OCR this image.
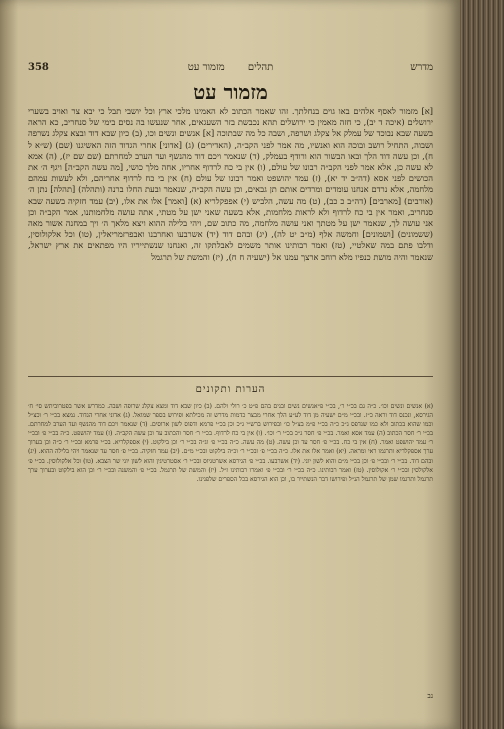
358	תהלים מזמור עט	מדרש
מזמור עט

[א] מזמור לאסף אלהים באו גוים בנחלתך. זהו שאמר הכתוב לא האמינו מלכי ארץ וכל יושבי תבל כי יבא צר ואויב בשערי ירושלים (איכה ד יב), כי חזה מאמין כי ירושלים תהא נכבשת בזר השעגאים, אחר שנעשו בה נסים בימי של סנחריב, כא הראה בשעה שבא נבוכד של עמלק אל צקלג ושרפה, ושבה כל מה שבתוכה [א] אנשים ונשים וכו, (ב) כיון שבא דוד ובצא צקלג נשרפה ושבוה, התחיל רושב ובוכה הוא ואנשיו, מה אמר לפני הקב״ה, (האדירים) (ג) [אדוני] אחרי הגדוד הזה האשיגנו (שם) (ש״א ל ח), וכן עשה דוד הלך ובאו הבשור הוא ורודף בעמלק, (ד) שנאמר ויכם דוד מהנשף ועד הערב למחרתם (שם שם יז), (ה) אמא לא עשה כן, אלא אמר לפני הקב״ה רבונו של עולם, (ו) אין בי כח לרדוף אחריו, אחה מלך כושי, [מה עשה הקב״ה] ויגף ה׳ את הכושים לפני אסא (דה״ב יד יא), (ז) עמד יהושפט ואמר רבונו של עולם (ח) אין בי כח לרדוף אחריהם, ולא לעשות עמהם מלחמה, אלא נרדם אנחנו עומדים ומרדים אותם תן גבאים, וכן עשה הקב״ה, שנאמר ובעת החלו ברנה (ותהלה) [תהלה] נתן ה׳ (אורבים) [מארבים] (דה״ב כ כב), (ט) מה עשה, הלביש (י) אפפקלריא (א) [ואמר] אלו את אלו, (יב) עמד חזקיה בשעה שבא סנחריב, ואמר אין בי כח לרדוף ולא לראות מלחמות, אלא בשעה שאני ישן על מטתי, אתה עושה מלחמותנו, אמר הקב״ה וכן אני עושה לך, שנאמר ישן על מטתך ואני עושה מלחמה, מה כתוב שם, ויהי בלילה ההוא ויצא מלאך ה׳ ויך במחנה אשור מאה (ששמונים) [ושמונים] וחמשה אלף (מ״ב יט לה), (יג) ובהם דוד (יד) אשרבעו ואחרבנו ואבפרזמריאלין, (טו) וכל אלקולוסין, ודלבו פתם במה שאלטיי, (טז) ואמר רבותינו אותר משמים לאבלתקו זה, ואנחנו שנשתייריו היו מפתאים את ארץ ישראל, שנאמר והיה מושת כנפיו מלא רוחב ארצך עמנו אל (ישעיה ח ח), (יז) והמשת של תרגמל

הערות ותקונים

(א) אנשים ונשים וכו׳. כ״ה גם בכ״י ר׳, בכ״י פ״אנשים נשים ובנים בהם פ״ט כ׳ רולי ולהם. (ב) כיון שבא דוד ומצא צקלג שרופה ושבה. כמדרש אשר בפטרוביתש סי׳ ח׳ הגירסא, ונכנס דוד וראה כ״ז. ובכ״י מ״ם ישעיה מן דוד לע״ע הלך אחרי מבצר כדמות מדרש זה מכילתא ופירוש בספר שמואל. (ג) אדוני אחרי הגדוד. נמצא בכ״י ר׳ וכצ״ל וכמו שהוא בכתוב ולא כמו שנדפס ג״כ כ״ה בכ״י פ״מ בצ״ל כו׳ ובפירוש ברש״י ג״כ וכן בכ״י פרמא ודפוס לשון ארוסים. (ד) שנאמר ויכם דוד מהנשף ועד הערב למחרתם. בכ״י ר׳ חסר הכתוב (ה) עמד אסא ואמר. בכ״י פ׳ חסר ג״כ בכ״י ר׳ וכו׳. (ו) אין בי כח לרדוף. בכ״י ר׳ חסר והכתוב עד וכן עשה הקב״ה. (ז) עמד יהושפט. כ״ה בכ״י פ׳ ובכ״י ר׳ עמד יהושפט ואמר. (ח) אין בי כח. בכ״י פ׳ חסר עד וכן עשה. (ט) מה עשה. כ״ה בכ״י פ׳ וג״ה בכ״י ר׳ וכן בילקוט. (י) אספקלריא. בכ״י פרמא ובכ״י ר׳ כ״ה וכן בערוך ערך אספקלריא ותרגמו ראי ומראה. (יא) ואמר אלו את אלו. כ״ה בכ״י פ׳ ובכ״י ר׳ וכ״ה בילקוט ובכ״י מ״ם. (יב) עמד חזקיה. בכ״י פ׳ חסר עד שנאמר ויהי בלילה ההוא. (יג) ובהם דוד. בכ״י ר׳ ובכ״י פ׳ וכן בכ״י מ״ם והוא לשון יוני. (יד) אשרבעו. בכ״י פ׳ הגירסא אשרטגיוס ובכ״י ר׳ אסטרטיגין והוא לשון יוני שר הצבא. (טו) וכל אלקולוסין. בכ״י פ׳ אלקולסין ובכ״י ר׳ אקולוסין. (טז) ואמר רבותינו. כ״ה בכ״י ר׳ ובכ״י פ׳ ואמרו רבותינו ז״ל. (יז) והמשת של תרגמל. בכ״י פ׳ והמשנה ובכ״י ר׳ וכן הוא בילקוט ובערוך ערך תרגמל ותרגמו שמן של תרגמל הנ״ל ופירושו דבר הנשתייר בו, וכן הוא הגירסא בכל הספרים שלפנינו.

נב
